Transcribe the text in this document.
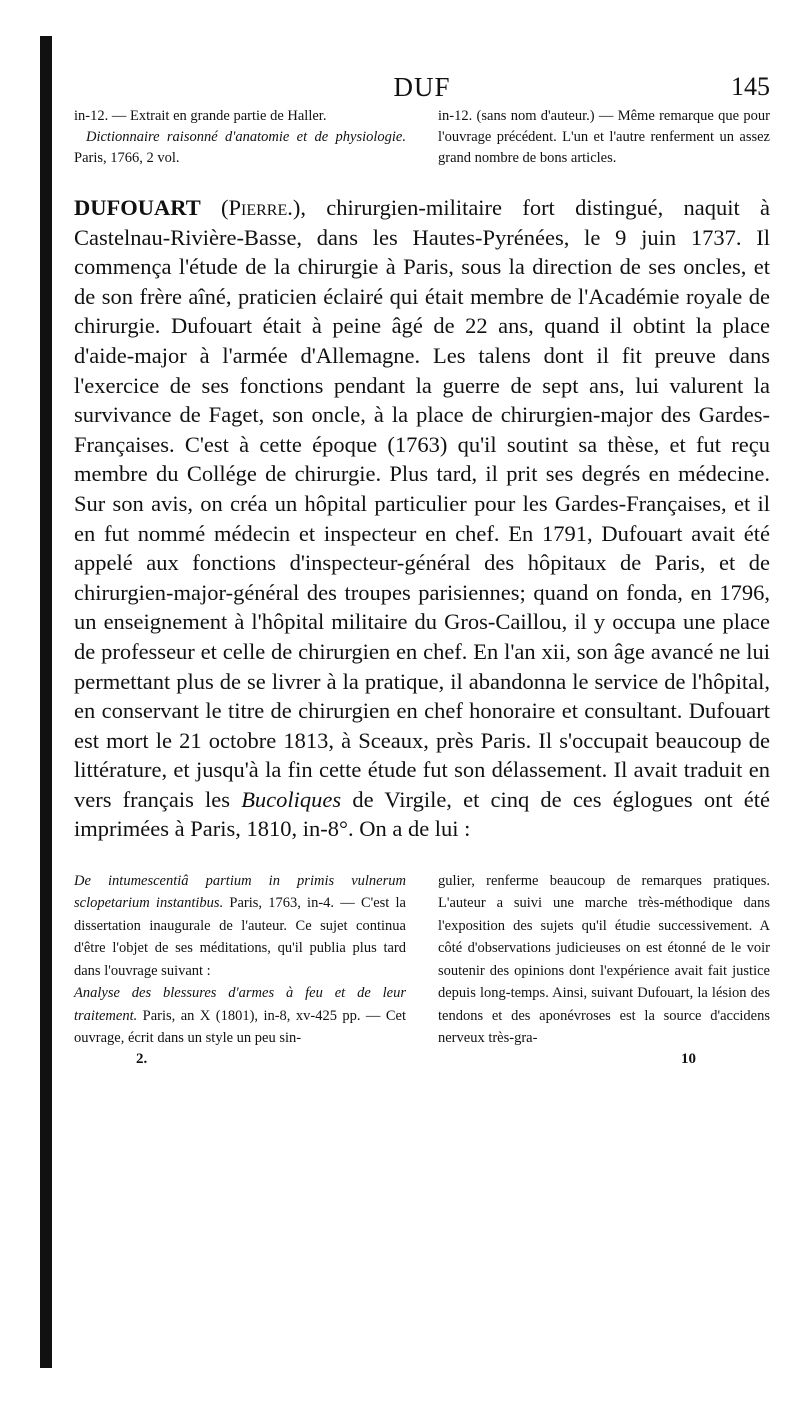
DUF	145

in-12. — Extrait en grande partie de Haller.

Dictionnaire raisonné d'anatomie et de physiologie. Paris, 1766, 2 vol.

in-12. (sans nom d'auteur.) — Même remarque que pour l'ouvrage précédent. L'un et l'autre renferment un assez grand nombre de bons articles.

DUFOUART (Pierre.), chirurgien-militaire fort distingué, naquit à Castelnau-Rivière-Basse, dans les Hautes-Pyrénées, le 9 juin 1737. Il commença l'étude de la chirurgie à Paris, sous la direction de ses oncles, et de son frère aîné, praticien éclairé qui était membre de l'Académie royale de chirurgie. Dufouart était à peine âgé de 22 ans, quand il obtint la place d'aide-major à l'armée d'Allemagne. Les talens dont il fit preuve dans l'exercice de ses fonctions pendant la guerre de sept ans, lui valurent la survivance de Faget, son oncle, à la place de chirurgien-major des Gardes-Françaises. C'est à cette époque (1763) qu'il soutint sa thèse, et fut reçu membre du Collége de chirurgie. Plus tard, il prit ses degrés en médecine. Sur son avis, on créa un hôpital particulier pour les Gardes-Françaises, et il en fut nommé médecin et inspecteur en chef. En 1791, Dufouart avait été appelé aux fonctions d'inspecteur-général des hôpitaux de Paris, et de chirurgien-major-général des troupes parisiennes; quand on fonda, en 1796, un enseignement à l'hôpital militaire du Gros-Caillou, il y occupa une place de professeur et celle de chirurgien en chef. En l'an xii, son âge avancé ne lui permettant plus de se livrer à la pratique, il abandonna le service de l'hôpital, en conservant le titre de chirurgien en chef honoraire et consultant. Dufouart est mort le 21 octobre 1813, à Sceaux, près Paris. Il s'occupait beaucoup de littérature, et jusqu'à la fin cette étude fut son délassement. Il avait traduit en vers français les Bucoliques de Virgile, et cinq de ces églogues ont été imprimées à Paris, 1810, in-8°. On a de lui :

De intumescentiâ partium in primis vulnerum sclopetarium instantibus. Paris, 1763, in-4. — C'est la dissertation inaugurale de l'auteur. Ce sujet continua d'être l'objet de ses méditations, qu'il publia plus tard dans l'ouvrage suivant :

Analyse des blessures d'armes à feu et de leur traitement. Paris, an X (1801), in-8, xv-425 pp. — Cet ouvrage, écrit dans un style un peu sin-

gulier, renferme beaucoup de remarques pratiques. L'auteur a suivi une marche très-méthodique dans l'exposition des sujets qu'il étudie successivement. A côté d'observations judicieuses on est étonné de le voir soutenir des opinions dont l'expérience avait fait justice depuis long-temps. Ainsi, suivant Dufouart, la lésion des tendons et des aponévroses est la source d'accidens nerveux très-gra-

2.	10
